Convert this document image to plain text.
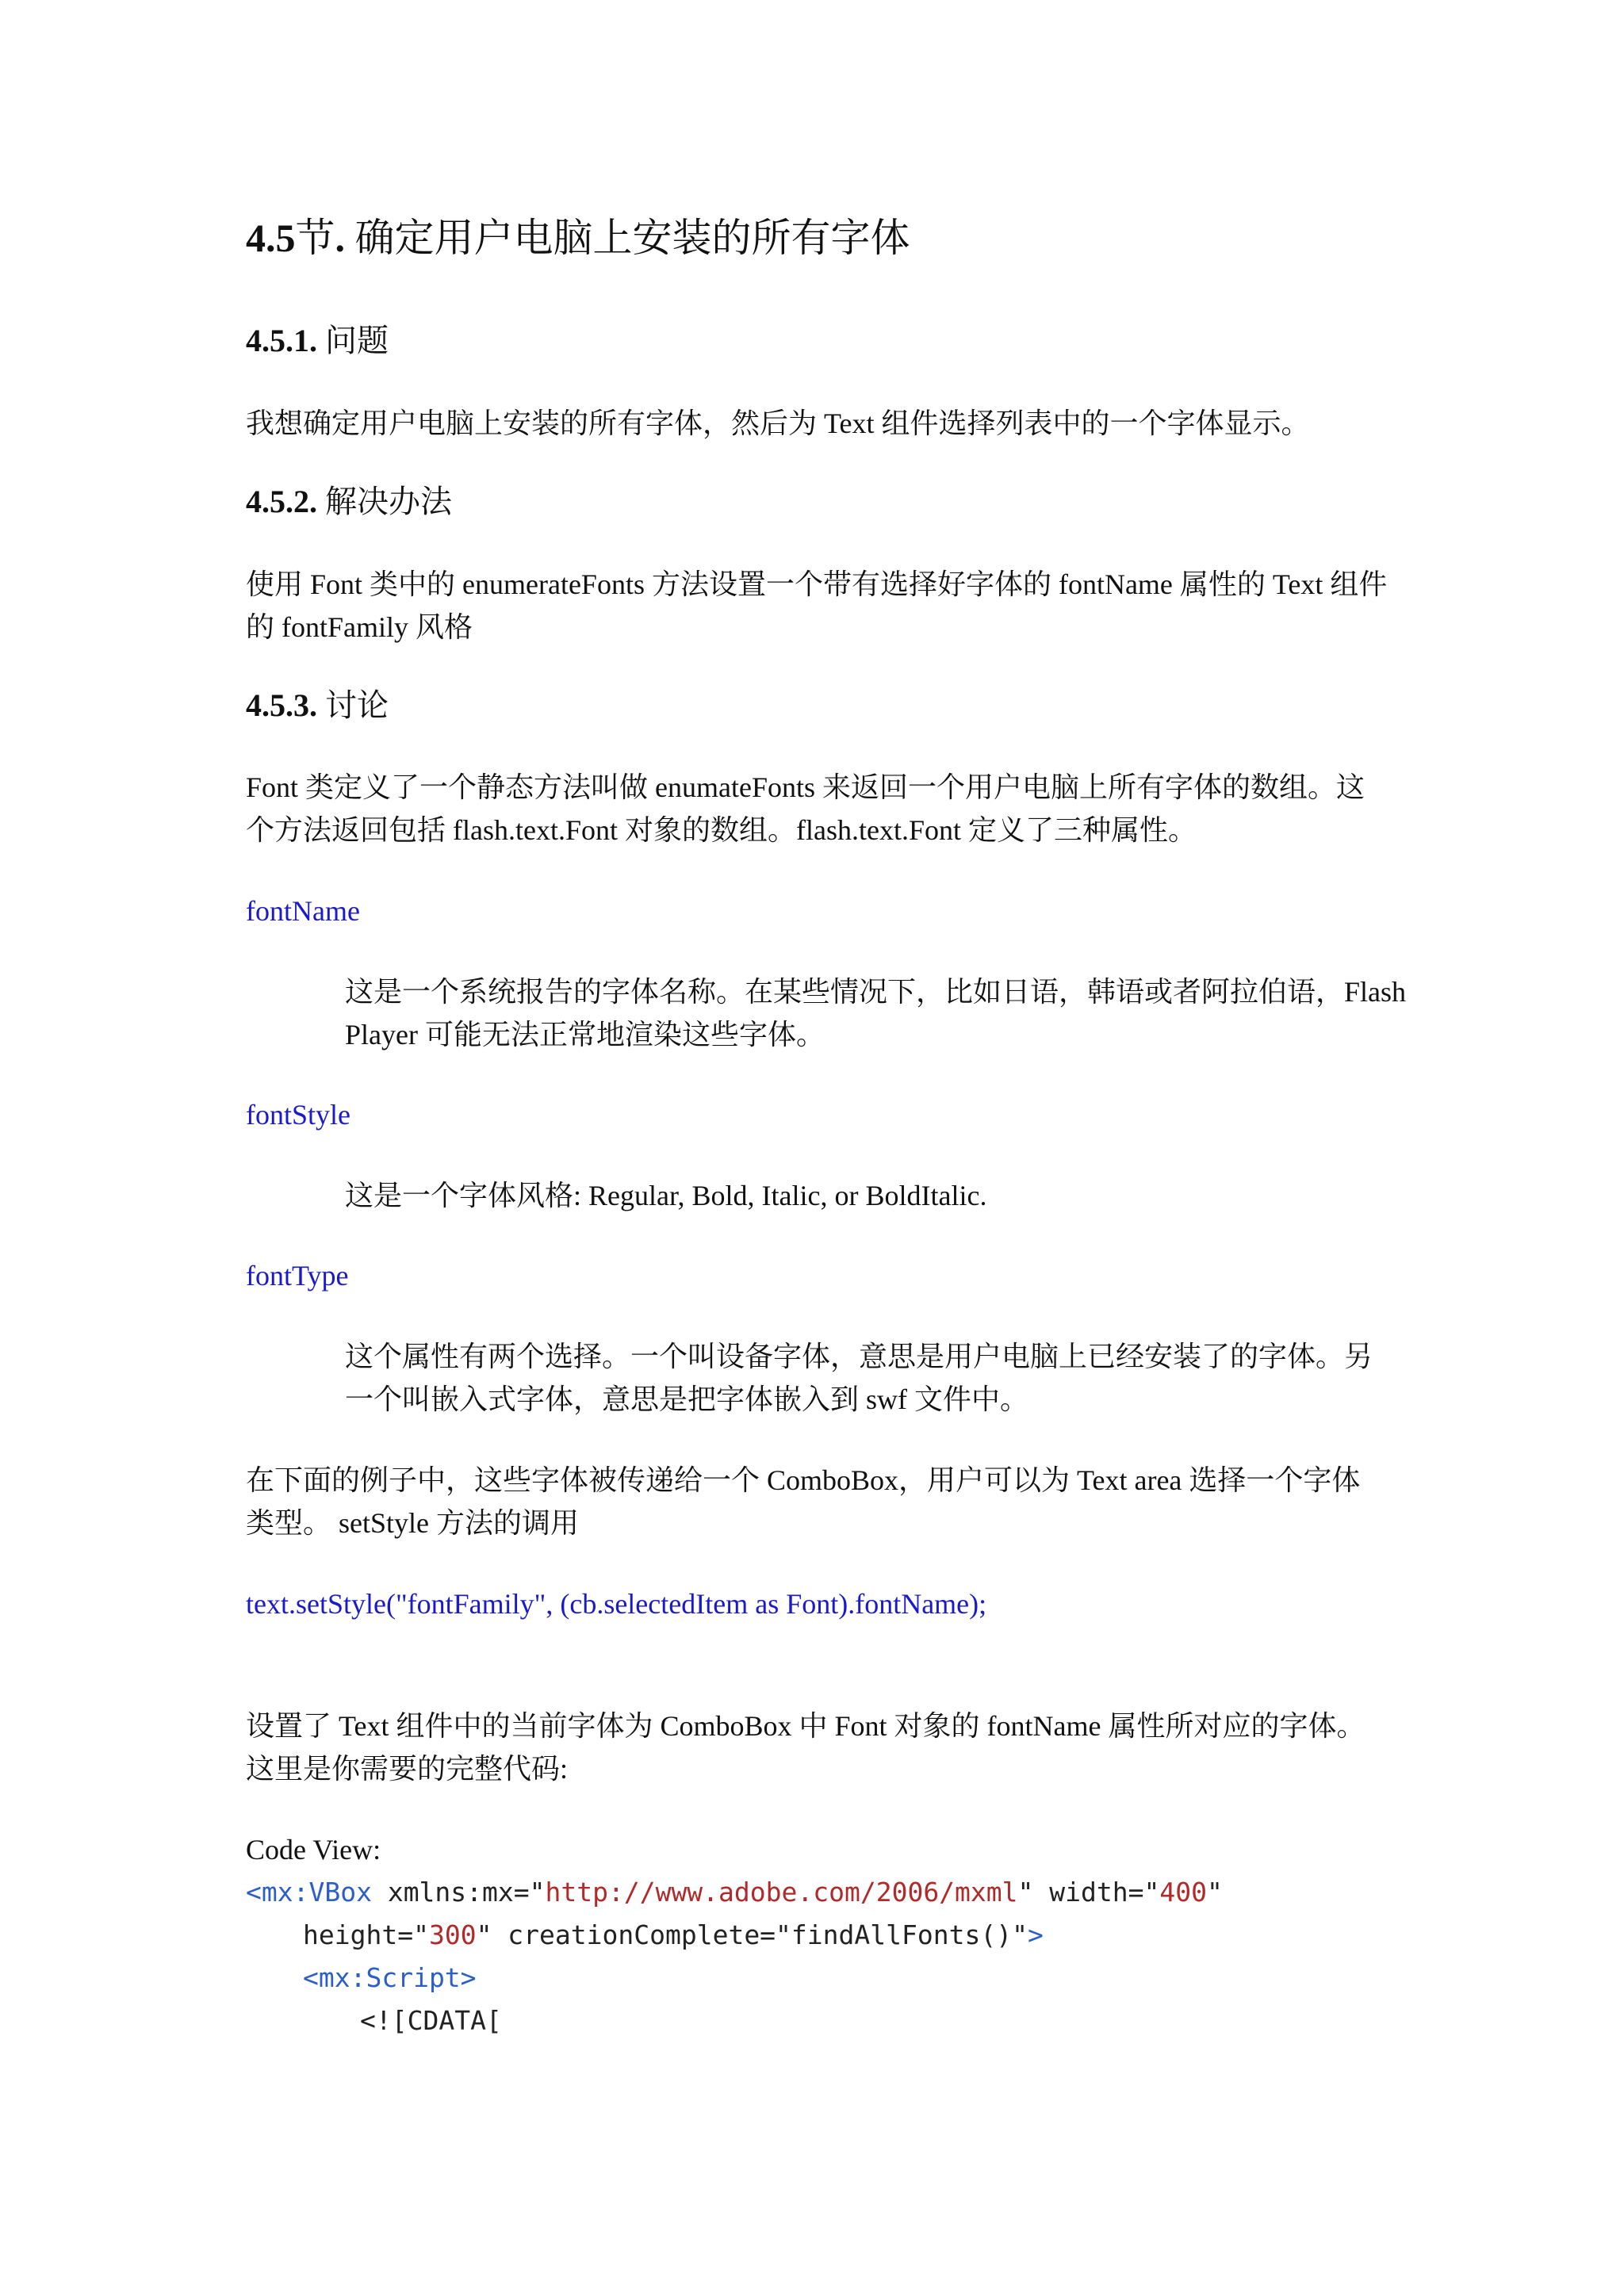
4.5节. 确定用户电脑上安装的所有字体
4.5.1. 问题
我想确定用户电脑上安装的所有字体，然后为 Text 组件选择列表中的一个字体显示。
4.5.2. 解决办法
使用 Font 类中的 enumerateFonts 方法设置一个带有选择好字体的 fontName 属性的 Text 组件
的 fontFamily 风格
4.5.3. 讨论
Font 类定义了一个静态方法叫做 enumateFonts 来返回一个用户电脑上所有字体的数组。这
个方法返回包括 flash.text.Font 对象的数组。flash.text.Font 定义了三种属性。
fontName
这是一个系统报告的字体名称。在某些情况下，比如日语，韩语或者阿拉伯语，Flash
Player 可能无法正常地渲染这些字体。
fontStyle
这是一个字体风格: Regular, Bold, Italic, or BoldItalic.
fontType
这个属性有两个选择。一个叫设备字体，意思是用户电脑上已经安装了的字体。另
一个叫嵌入式字体，意思是把字体嵌入到 swf 文件中。
在下面的例子中，这些字体被传递给一个 ComboBox，用户可以为 Text area 选择一个字体
类型。 setStyle 方法的调用
text.setStyle("fontFamily", (cb.selectedItem as Font).fontName);
设置了 Text 组件中的当前字体为 ComboBox 中 Font 对象的 fontName 属性所对应的字体。
这里是你需要的完整代码:
Code View:
<mx:VBox xmlns:mx="http://www.adobe.com/2006/mxml" width="400"
height="300" creationComplete="findAllFonts()">
<mx:Script>
<![CDATA[
